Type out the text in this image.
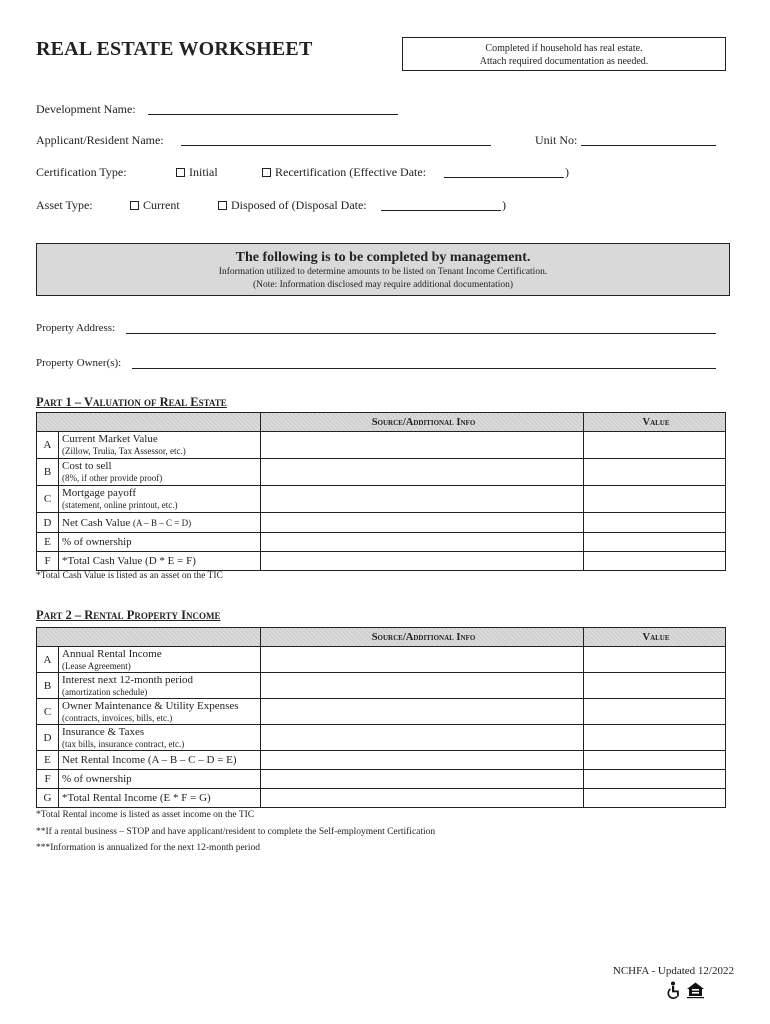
REAL ESTATE WORKSHEET	Completed if household has real estate.
Attach required documentation as needed.
Development Name:
Applicant/Resident Name:	Unit No:
Certification Type:	Initial	Recertification (Effective Date:	)
Asset Type:	Current	Disposed of (Disposal Date:	)
The following is to be completed by management.
Information utilized to determine amounts to be listed on Tenant Income Certification.
(Note: Information disclosed may require additional documentation)
Property Address:
Property Owner(s):
Part 1 – Valuation of Real Estate
		Source/Additional Info	Value
A	Current Market Value
(Zillow, Trulia, Tax Assessor, etc.)		

B	Cost to sell
(8%, if other provide proof)		

C	Mortgage payoff
(statement, online printout, etc.)		

D	Net Cash Value (A – B – C = D)		
E	% of ownership		
F	*Total Cash Value (D * E = F)		
*Total Cash Value is listed as an asset on the TIC
Part 2 – Rental Property Income
		Source/Additional Info	Value
A	Annual Rental Income
(Lease Agreement)		

B	Interest next 12-month period
(amortization schedule)		

C	Owner Maintenance & Utility Expenses
(contracts, invoices, bills, etc.)		

D	Insurance & Taxes
(tax bills, insurance contract, etc.)		

E	Net Rental Income (A – B – C – D = E)		
F	% of ownership		
G	*Total Rental Income (E * F = G)		
*Total Rental income is listed as asset income on the TIC
**If a rental business – STOP and have applicant/resident to complete the Self-employment Certification
***Information is annualized for the next 12-month period
NCHFA - Updated 12/2022
